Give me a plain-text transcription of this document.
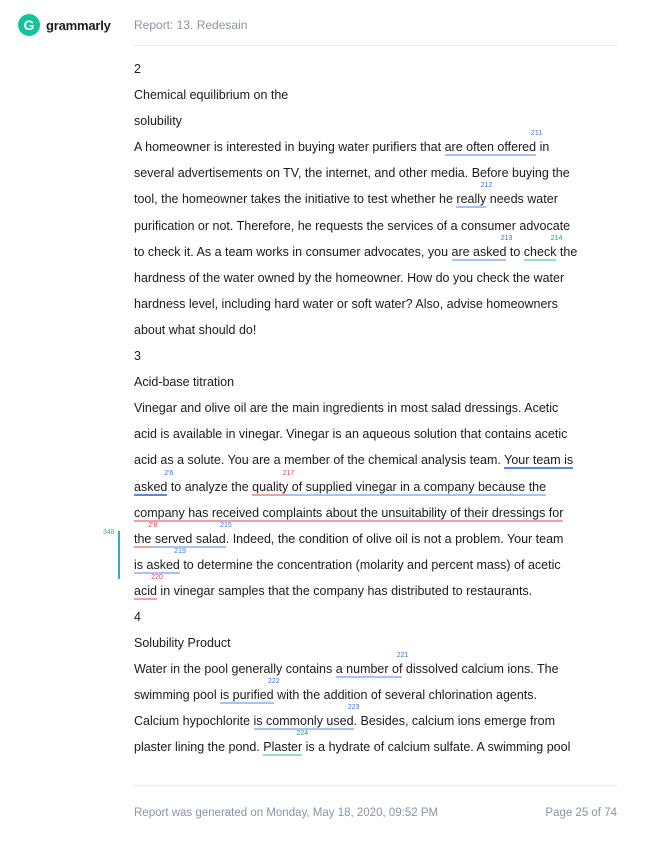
G grammarly Report: 13. Redesain
348
2
Chemical equilibrium on the
solubility
A homeowner is interested in buying water purifiers that are often offered
211
in
several advertisements on TV, the internet, and other media. Before buying the
tool, the homeowner takes the initiative to test whether he really
212
needs water
purification or not. Therefore, he requests the services of a consumer advocate
to check it. As a team works in consumer advocates, you are asked
213
to check
214
the
hardness of the water owned by the homeowner. How do you check the water
hardness level, including hard water or soft water? Also, advise homeowners
about what should do!
3
Acid-base titration
Vinegar and olive oil are the main ingredients in most salad dressings. Acetic
acid is available in vinegar. Vinegar is an aqueous solution that contains acetic
acid as a solute. You are a member of the chemical analysis team. Your team is
asked
2'6
to analyze the quality
217
of supplied vinegar in a company because the
company has received complaints about the unsuitability of their dressings for
the
2'8
served salad
215
. Indeed, the condition of olive oil is not a problem. Your team
is asked
219
to determine the concentration (molarity and percent mass) of acetic
acid
220
in vinegar samples that the company has distributed to restaurants.
4
Solubility Product
Water in the pool generally contains a number of
221
dissolved calcium ions. The
swimming pool is purified
222
with the addition of several chlorination agents.
Calcium hypochlorite is commonly used
223
. Besides, calcium ions emerge from
plaster lining the pond. Plaster
224
is a hydrate of calcium sulfate. A swimming pool
Report was generated on Monday, May 18, 2020, 09:52 PM	Page 25 of 74
